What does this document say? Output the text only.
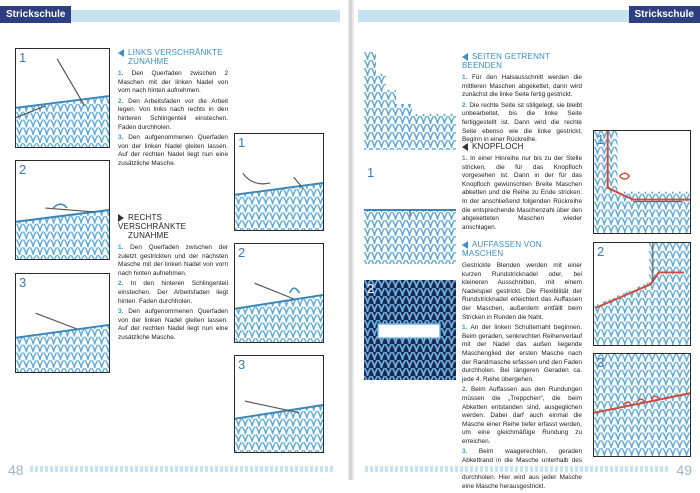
Strickschule	Strickschule
1
2
3
LINKS VERSCHRÄNKTE
ZUNAHME
1. Den Querfaden zwischen 2 Maschen mit der linken Nadel von vorn nach hinten aufnehmen.
2. Den Arbeitsfaden vor die Arbeit legen. Von links nach rechts in den hinteren Schlingenteil einstechen. Faden durchholen.
3. Den aufgenommenen Querfaden von der linken Nadel gleiten lassen. Auf der rechten Nadel liegt nun eine zusätzliche Masche.
RECHTS VERSCHRÄNKTE
ZUNAHME
1. Den Querfaden zwischen der zuletzt gestrickten und der nächsten Masche mit der linken Nadel von vorn nach hinten aufnehmen.
2. In den hinteren Schlingenteil einstechen. Der Arbeitsfaden liegt hinten. Faden durchholen.
3. Den aufgenommenen Querfaden von der linken Nadel gleiten lassen. Auf der rechten Nadel liegt nun eine zusätzliche Masche.
1
2
3
48
1
2
SEITEN GETRENNT BEENDEN
1. Für den Halsausschnitt werden die mittleren Maschen abgekettet, dann wird zunächst die linke Seite fertig gestrickt.
2. Die rechte Seite ist stillgelegt, sie bleibt unbearbeitet, bis die linke Seite fertiggestellt ist. Dann wird die rechte Seite ebenso wie die linke gestrickt, Beginn in einer Rückreihe.
KNOPFLOCH
1. In einer Hinreihe nur bis zu der Stelle stricken, die für das Knopfloch vorgesehen ist. Dann in der für das Knopfloch gewünschten Breite Maschen abketten und die Reihe zu Ende stricken. In der anschließend folgenden Rückreihe die entsprechende Maschenzahl über den abgeketteten Maschen wieder anschlagen.
AUFFASSEN VON MASCHEN
Gestrickte Blenden werden mit einer kurzen Rundstricknadel oder, bei kleineren Ausschnitten, mit einem Nadelspiel gestrickt. Die Flexibilität der Rundstricknadel erleichtert das Auffassen der Maschen, außerdem entfällt beim Stricken in Runden die Naht.
1. An der linken Schulternaht beginnen. Beim geraden, senkrechten Reihenverlauf mit der Nadel das außen liegende Maschenglied der ersten Masche nach der Randmasche erfassen und den Faden durchholen. Bei längeren Geraden ca. jede 4. Reihe übergehen.
2. Beim Auffassen aus den Rundungen müssen die „Treppchen“, die beim Abketten entstanden sind, ausgeglichen werden. Dabei darf auch einmal die Masche einer Reihe tiefer erfasst werden, um eine gleichmäßige Rundung zu erreichen.
3. Beim waagerechten, geraden Abkettrand in die Masche unterhalb des durchholen. Hier wird aus jeder Masche eine Masche herausgestrickt.
1
2
3
49
